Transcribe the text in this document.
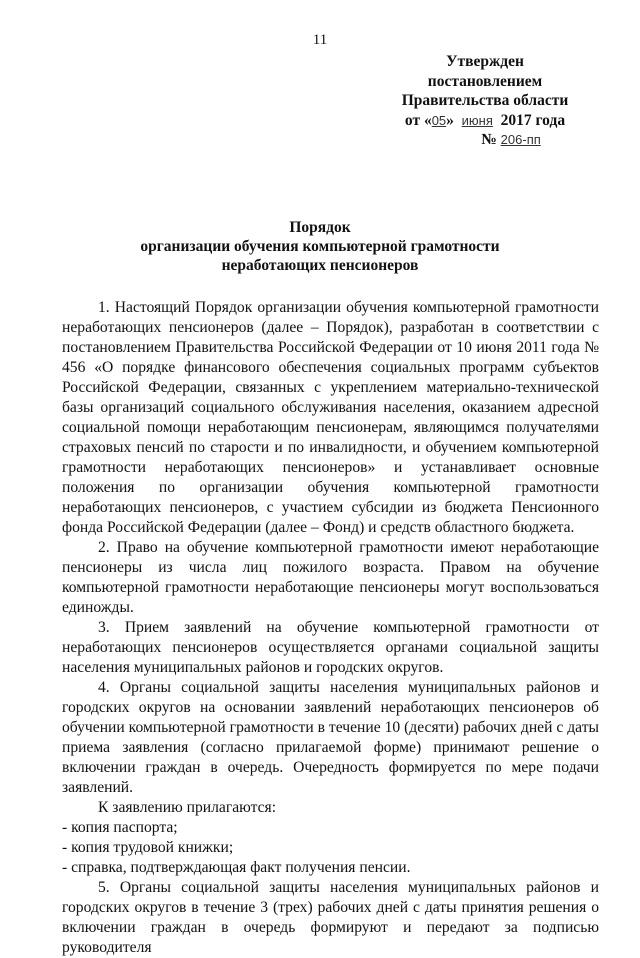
11
Утвержден
постановлением
Правительства области
от «05» июня 2017 года
№ 206-пп
Порядок
организации обучения компьютерной грамотности
неработающих пенсионеров

1. Настоящий Порядок организации обучения компьютерной грамотности неработающих пенсионеров (далее – Порядок), разработан в соответствии с постановлением Правительства Российской Федерации от 10 июня 2011 года № 456 «О порядке финансового обеспечения социальных программ субъектов Российской Федерации, связанных с укреплением материально-технической базы организаций социального обслуживания населения, оказанием адресной социальной помощи неработающим пенсионерам, являющимся получателями страховых пенсий по старости и по инвалидности, и обучением компьютерной грамотности неработающих пенсионеров» и устанавливает основные положения по организации обучения компьютерной грамотности неработающих пенсионеров, с участием субсидии из бюджета Пенсионного фонда Российской Федерации (далее – Фонд) и средств областного бюджета.

2. Право на обучение компьютерной грамотности имеют неработающие пенсионеры из числа лиц пожилого возраста. Правом на обучение компьютерной грамотности неработающие пенсионеры могут воспользоваться единожды.

3. Прием заявлений на обучение компьютерной грамотности от неработающих пенсионеров осуществляется органами социальной защиты населения муниципальных районов и городских округов.

4. Органы социальной защиты населения муниципальных районов и городских округов на основании заявлений неработающих пенсионеров об обучении компьютерной грамотности в течение 10 (десяти) рабочих дней с даты приема заявления (согласно прилагаемой форме) принимают решение о включении граждан в очередь. Очередность формируется по мере подачи заявлений.

К заявлению прилагаются:

- копия паспорта;

- копия трудовой книжки;

- справка, подтверждающая факт получения пенсии.

5. Органы социальной защиты населения муниципальных районов и городских округов в течение 3 (трех) рабочих дней с даты принятия решения о включении граждан в очередь формируют и передают за подписью руководителя
